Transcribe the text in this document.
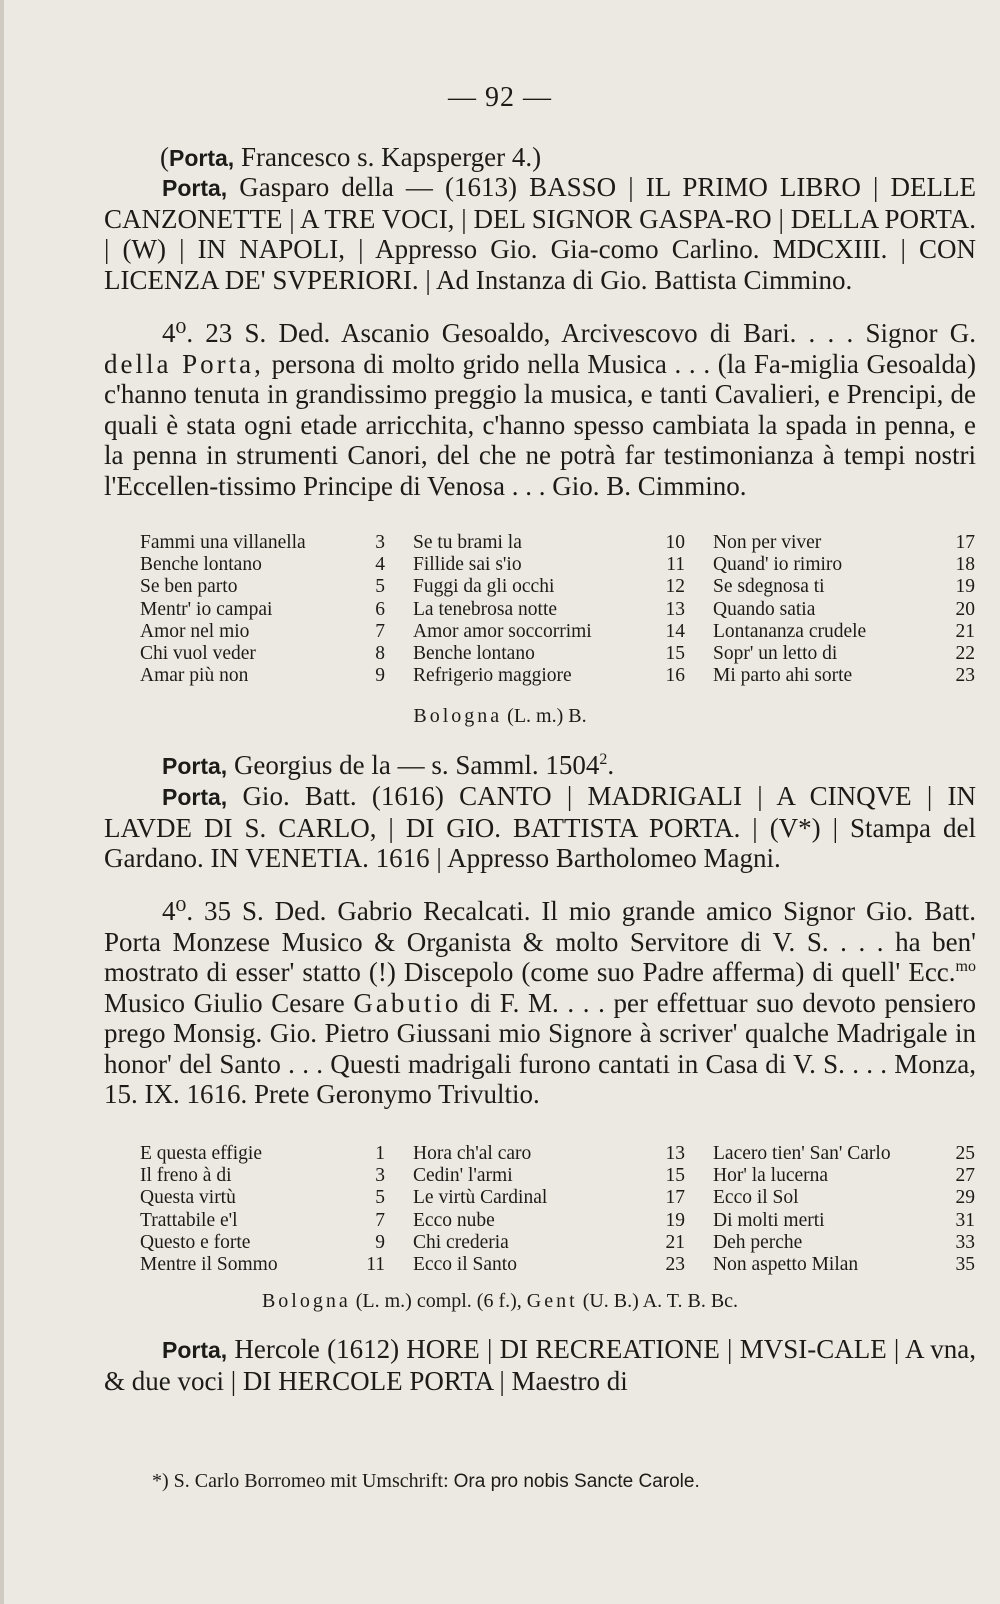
— 92 —
(Porta, Francesco s. Kapsperger 4.)
Porta, Gasparo della — (1613) BASSO | IL PRIMO LIBRO | DELLE CANZONETTE | A TRE VOCI, | DEL SIGNOR GASPA-RO | DELLA PORTA. | (W) | IN NAPOLI, | Appresso Gio. Gia-como Carlino. MDCXIII. | CON LICENZA DE' SVPERIORI. | Ad Instanza di Gio. Battista Cimmino.
4⁰. 23 S. Ded. Ascanio Gesoaldo, Arcivescovo di Bari. . . . Signor G. della Porta, persona di molto grido nella Musica . . . (la Fa-miglia Gesoalda) c'hanno tenuta in grandissimo preggio la musica, e tanti Cavalieri, e Prencipi, de quali è stata ogni etade arricchita, c'hanno spesso cambiata la spada in penna, e la penna in strumenti Canori, del che ne potrà far testimonianza à tempi nostri l'Eccellen-tissimo Principe di Venosa . . . Gio. B. Cimmino.
Fammi una villanella	3 Se tu brami la	10 Non per viver	17
Benche lontano	4 Fillide sai s'io	11 Quand' io rimiro	18
Se ben parto	5 Fuggi da gli occhi	12 Se sdegnosa ti	19
Mentr' io campai	6 La tenebrosa notte	13 Quando satia	20
Amor nel mio	7 Amor amor soccorrimi	14 Lontananza crudele	21
Chi vuol veder	8 Benche lontano	15 Sopr' un letto di	22
Amar più non	9 Refrigerio maggiore	16 Mi parto ahi sorte	23
Bologna (L. m.) B.
Porta, Georgius de la — s. Samml. 1504$^2$.
Porta, Gio. Batt. (1616) CANTO | MADRIGALI | A CINQVE | IN LAVDE DI S. CARLO, | DI GIO. BATTISTA PORTA. | (V*) | Stampa del Gardano. IN VENETIA. 1616 | Appresso Bartholomeo Magni.
4⁰. 35 S. Ded. Gabrio Recalcati. Il mio grande amico Signor Gio. Batt. Porta Monzese Musico & Organista & molto Servitore di V. S. . . . ha ben' mostrato di esser' statto (!) Discepolo (come suo Padre afferma) di quell' Ecc.$^{mo}$ Musico Giulio Cesare Gabutio di F. M. . . . per effettuar suo devoto pensiero prego Monsig. Gio. Pietro Giussani mio Signore à scriver' qualche Madrigale in honor' del Santo . . . Questi madrigali furono cantati in Casa di V. S. . . . Monza, 15. IX. 1616. Prete Geronymo Trivultio.
E questa effigie	1 Hora ch'al caro	13 Lacero tien' San' Carlo	25
Il freno à di	3 Cedin' l'armi	15 Hor' la lucerna	27
Questa virtù	5 Le virtù Cardinal	17 Ecco il Sol	29
Trattabile e'l	7 Ecco nube	19 Di molti merti	31
Questo e forte	9 Chi crederia	21 Deh perche	33
Mentre il Sommo	11 Ecco il Santo	23 Non aspetto Milan	35
Bologna (L. m.) compl. (6 f.), Gent (U. B.) A. T. B. Bc.
Porta, Hercole (1612) HORE | DI RECREATIONE | MVSI-CALE | A vna, & due voci | DI HERCOLE PORTA | Maestro di
*) S. Carlo Borromeo mit Umschrift: Ora pro nobis Sancte Carole.
